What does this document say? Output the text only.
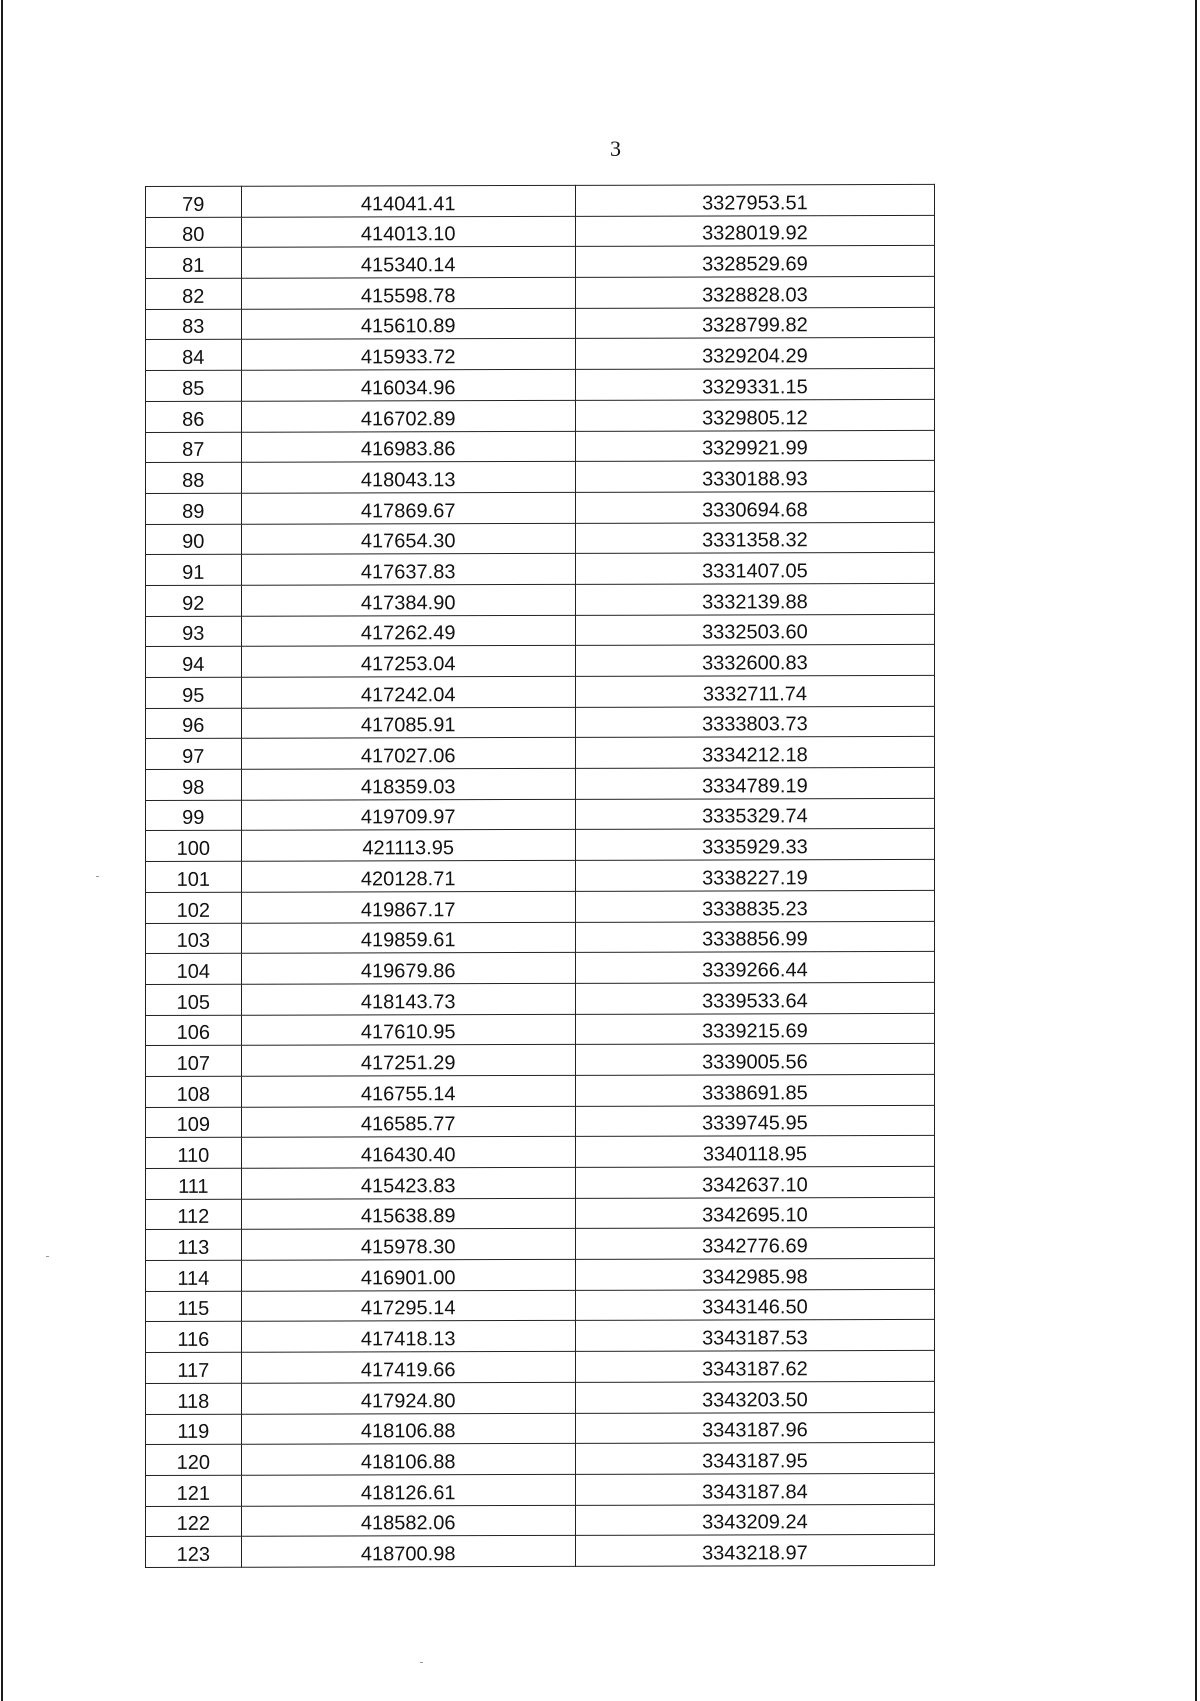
3
79	414041.41	3327953.51
80	414013.10	3328019.92
81	415340.14	3328529.69
82	415598.78	3328828.03
83	415610.89	3328799.82
84	415933.72	3329204.29
85	416034.96	3329331.15
86	416702.89	3329805.12
87	416983.86	3329921.99
88	418043.13	3330188.93
89	417869.67	3330694.68
90	417654.30	3331358.32
91	417637.83	3331407.05
92	417384.90	3332139.88
93	417262.49	3332503.60
94	417253.04	3332600.83
95	417242.04	3332711.74
96	417085.91	3333803.73
97	417027.06	3334212.18
98	418359.03	3334789.19
99	419709.97	3335329.74
100	421113.95	3335929.33
101	420128.71	3338227.19
102	419867.17	3338835.23
103	419859.61	3338856.99
104	419679.86	3339266.44
105	418143.73	3339533.64
106	417610.95	3339215.69
107	417251.29	3339005.56
108	416755.14	3338691.85
109	416585.77	3339745.95
110	416430.40	3340118.95
111	415423.83	3342637.10
112	415638.89	3342695.10
113	415978.30	3342776.69
114	416901.00	3342985.98
115	417295.14	3343146.50
116	417418.13	3343187.53
117	417419.66	3343187.62
118	417924.80	3343203.50
119	418106.88	3343187.96
120	418106.88	3343187.95
121	418126.61	3343187.84
122	418582.06	3343209.24
123	418700.98	3343218.97
